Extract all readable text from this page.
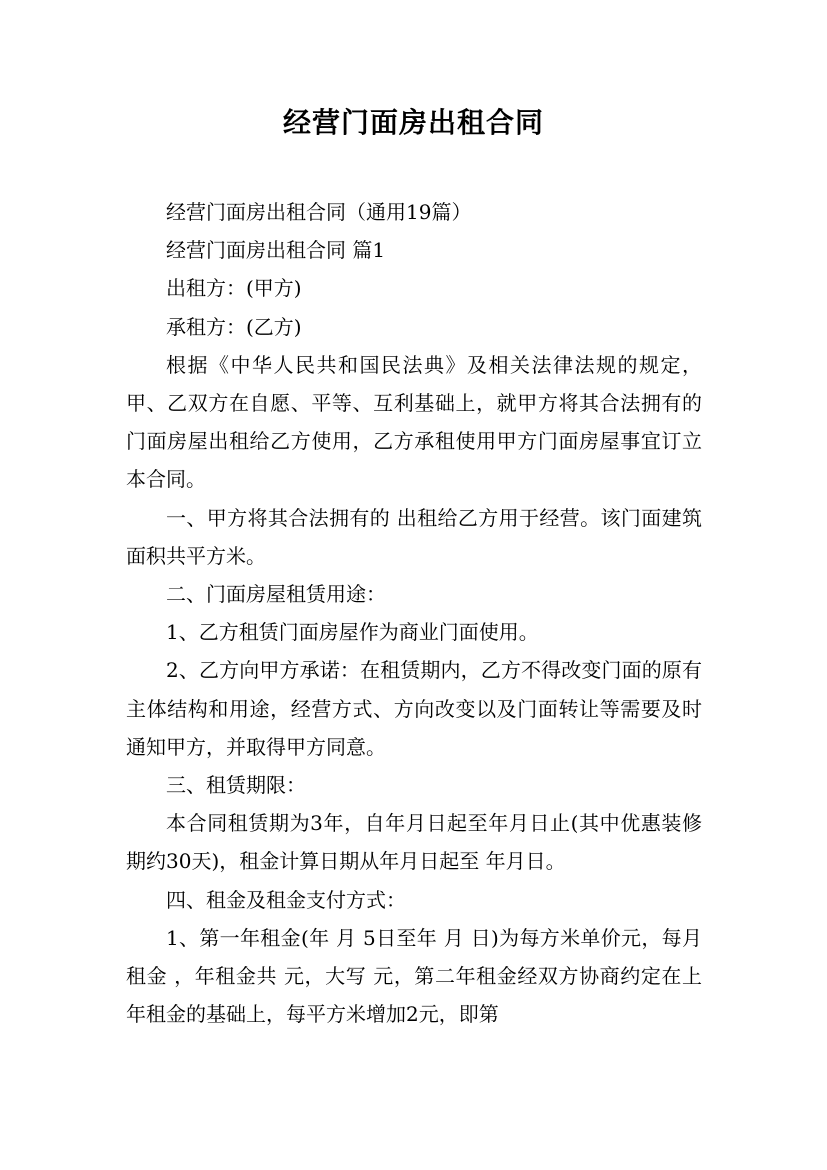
经营门面房出租合同

经营门面房出租合同（通用19篇）

经营门面房出租合同 篇1

出租方：(甲方)

承租方：(乙方)

根据《中华人民共和国民法典》及相关法律法规的规定，甲、乙双方在自愿、平等、互利基础上，就甲方将其合法拥有的门面房屋出租给乙方使用，乙方承租使用甲方门面房屋事宜订立本合同。

一、甲方将其合法拥有的 出租给乙方用于经营。该门面建筑面积共平方米。

二、门面房屋租赁用途：

1、乙方租赁门面房屋作为商业门面使用。

2、乙方向甲方承诺：在租赁期内，乙方不得改变门面的原有主体结构和用途，经营方式、方向改变以及门面转让等需要及时通知甲方，并取得甲方同意。

三、租赁期限：

本合同租赁期为3年，自年月日起至年月日止(其中优惠装修期约30天)，租金计算日期从年月日起至 年月日。

四、租金及租金支付方式：

1、第一年租金(年 月 5日至年 月 日)为每方米单价元，每月租金 ，年租金共 元，大写 元，第二年租金经双方协商约定在上年租金的基础上，每平方米增加2元，即第
